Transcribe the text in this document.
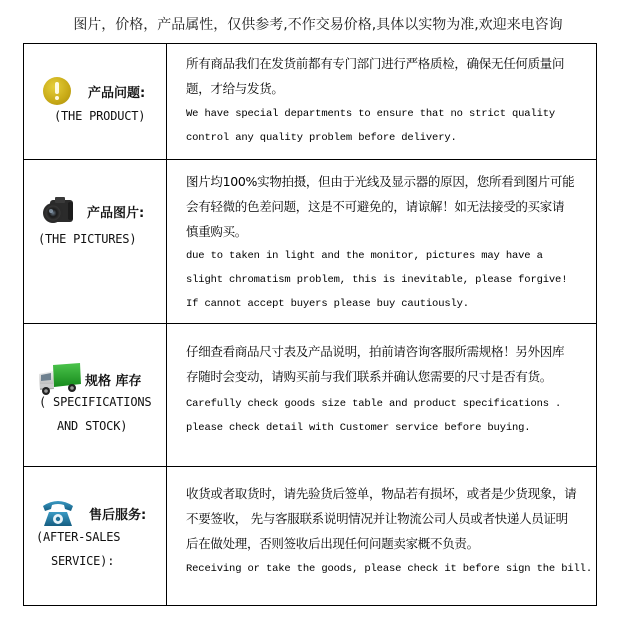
图片，价格，产品属性，仅供参考,不作交易价格,具体以实物为准,欢迎来电咨询
产品问题:
(THE PRODUCT)
所有商品我们在发货前都有专门部门进行严格质检，确保无任何质量问
题，才给与发货。
We have special departments to ensure that no strict quality
control any quality problem before delivery.
产品图片:
(THE PICTURES)
图片均100%实物拍摄，但由于光线及显示器的原因，您所看到图片可能
会有轻微的色差问题，这是不可避免的，请谅解！如无法接受的买家请
慎重购买。
due to taken in light and the monitor, pictures may have a
slight chromatism problem, this is inevitable, please forgive!
If cannot accept buyers please buy cautiously.
规格 库存
( SPECIFICATIONS
AND STOCK)
仔细查看商品尺寸表及产品说明，拍前请咨询客服所需规格！另外因库
存随时会变动，请购买前与我们联系并确认您需要的尺寸是否有货。
Carefully check goods size table and product specifications .
please check detail with Customer service before buying.
售后服务:
(AFTER-SALES
SERVICE):
收货或者取货时，请先验货后签单，物品若有损坏，或者是少货现象，请
不要签收， 先与客服联系说明情况并让物流公司人员或者快递人员证明
后在做处理，否则签收后出现任何问题卖家概不负责。
Receiving or take the goods, please check it before sign the bill.
